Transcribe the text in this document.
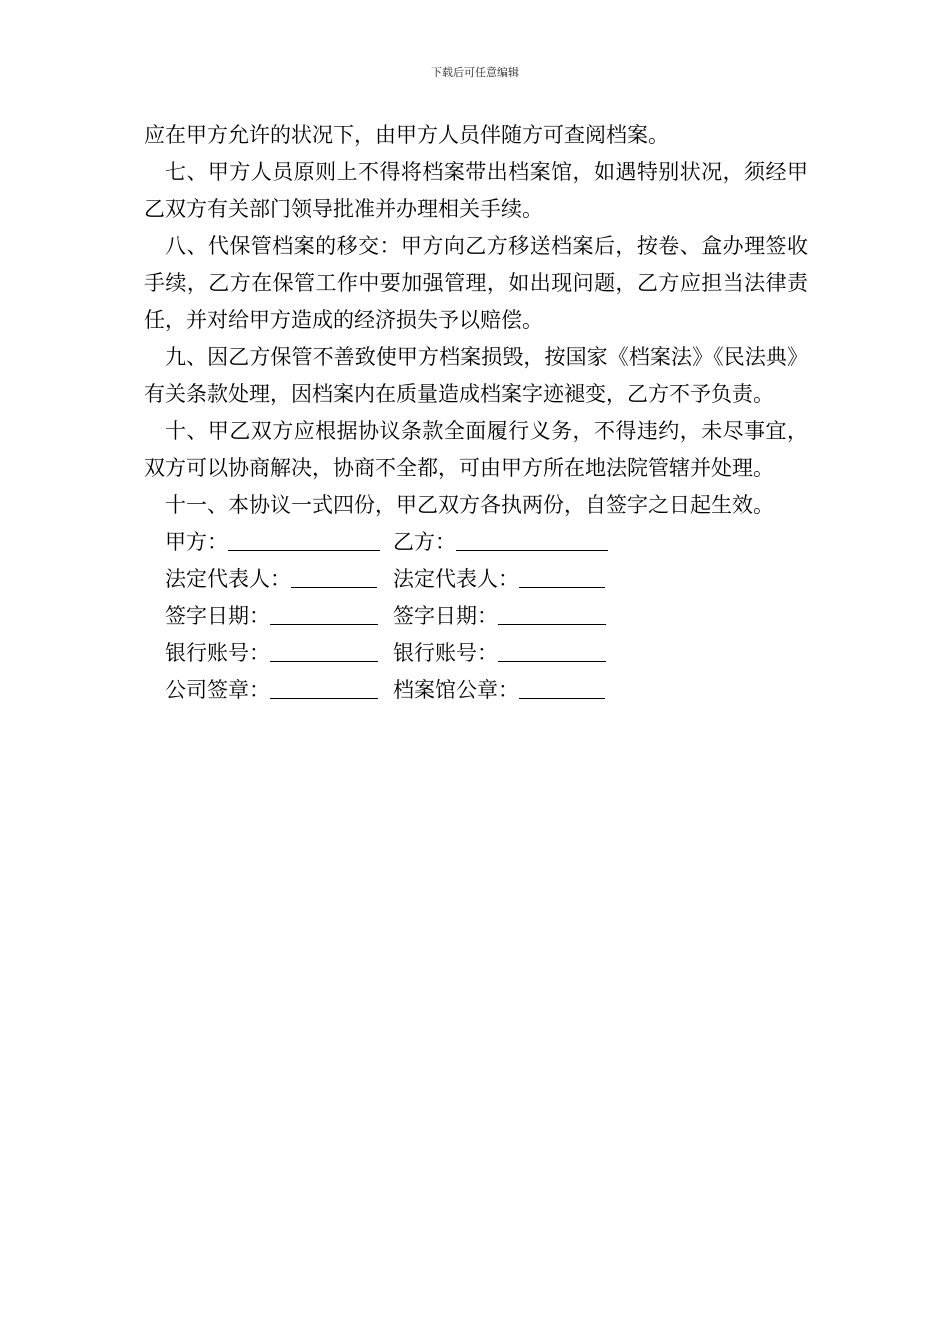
下载后可任意编辑

应在甲方允许的状况下，由甲方人员伴随方可查阅档案。

七、甲方人员原则上不得将档案带出档案馆，如遇特别状况，须经甲乙双方有关部门领导批准并办理相关手续。

八、代保管档案的移交：甲方向乙方移送档案后，按卷、盒办理签收手续，乙方在保管工作中要加强管理，如出现问题，乙方应担当法律责任，并对给甲方造成的经济损失予以赔偿。

九、因乙方保管不善致使甲方档案损毁，按国家《档案法》《民法典》有关条款处理，因档案内在质量造成档案字迹褪变，乙方不予负责。

十、甲乙双方应根据协议条款全面履行义务，不得违约，未尽事宜，双方可以协商解决，协商不全都，可由甲方所在地法院管辖并处理。

十一、本协议一式四份，甲乙双方各执两份，自签字之日起生效。

甲方：	乙方：
法定代表人：	法定代表人：
签字日期：	签字日期：
银行账号：	银行账号：
公司签章：	档案馆公章：
